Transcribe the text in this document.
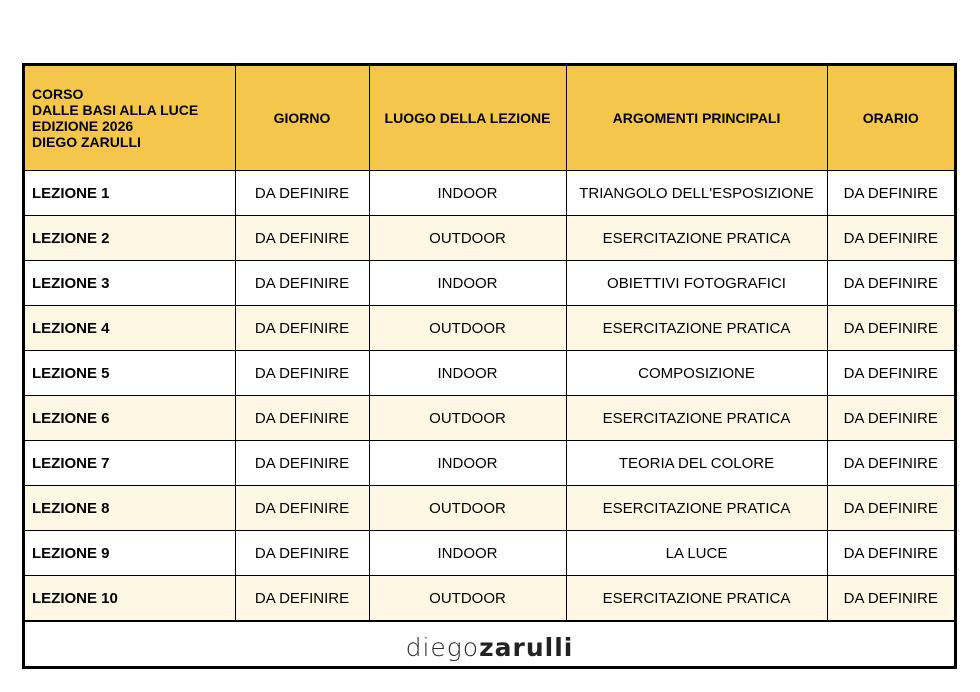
CORSO
DALLE BASI ALLA LUCE
EDIZIONE 2026
DIEGO ZARULLI	GIORNO	LUOGO DELLA LEZIONE	ARGOMENTI PRINCIPALI	ORARIO
LEZIONE 1	DA DEFINIRE	INDOOR	TRIANGOLO DELL'ESPOSIZIONE	DA DEFINIRE
LEZIONE 2	DA DEFINIRE	OUTDOOR	ESERCITAZIONE PRATICA	DA DEFINIRE
LEZIONE 3	DA DEFINIRE	INDOOR	OBIETTIVI FOTOGRAFICI	DA DEFINIRE
LEZIONE 4	DA DEFINIRE	OUTDOOR	ESERCITAZIONE PRATICA	DA DEFINIRE
LEZIONE 5	DA DEFINIRE	INDOOR	COMPOSIZIONE	DA DEFINIRE
LEZIONE 6	DA DEFINIRE	OUTDOOR	ESERCITAZIONE PRATICA	DA DEFINIRE
LEZIONE 7	DA DEFINIRE	INDOOR	TEORIA DEL COLORE	DA DEFINIRE
LEZIONE 8	DA DEFINIRE	OUTDOOR	ESERCITAZIONE PRATICA	DA DEFINIRE
LEZIONE 9	DA DEFINIRE	INDOOR	LA LUCE	DA DEFINIRE
LEZIONE 10	DA DEFINIRE	OUTDOOR	ESERCITAZIONE PRATICA	DA DEFINIRE
diego zarulli
